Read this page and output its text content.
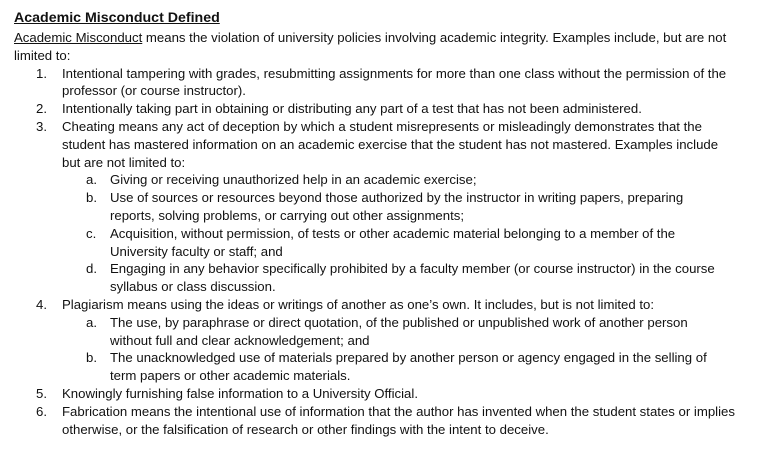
Academic Misconduct Defined

Academic Misconduct means the violation of university policies involving academic integrity. Examples include, but are not limited to:

1.	Intentional tampering with grades, resubmitting assignments for more than one class without the permission of the professor (or course instructor).
2.	Intentionally taking part in obtaining or distributing any part of a test that has not been administered.
3.	Cheating means any act of deception by which a student misrepresents or misleadingly demonstrates that the student has mastered information on an academic exercise that the student has not mastered. Examples include but are not limited to:
a. Giving or receiving unauthorized help in an academic exercise;
b. Use of sources or resources beyond those authorized by the instructor in writing papers, preparing reports, solving problems, or carrying out other assignments;
c.	Acquisition, without permission, of tests or other academic material belonging to a member of the University faculty or staff; and
d. Engaging in any behavior specifically prohibited by a faculty member (or course instructor) in the course syllabus or class discussion.
4.	Plagiarism means using the ideas or writings of another as one’s own. It includes, but is not limited to:
a. The use, by paraphrase or direct quotation, of the published or unpublished work of another person without full and clear acknowledgement; and
b. The unacknowledged use of materials prepared by another person or agency engaged in the selling of term papers or other academic materials.
5.	Knowingly furnishing false information to a University Official.
6.	Fabrication means the intentional use of information that the author has invented when the student states or implies otherwise, or the falsification of research or other findings with the intent to deceive.
